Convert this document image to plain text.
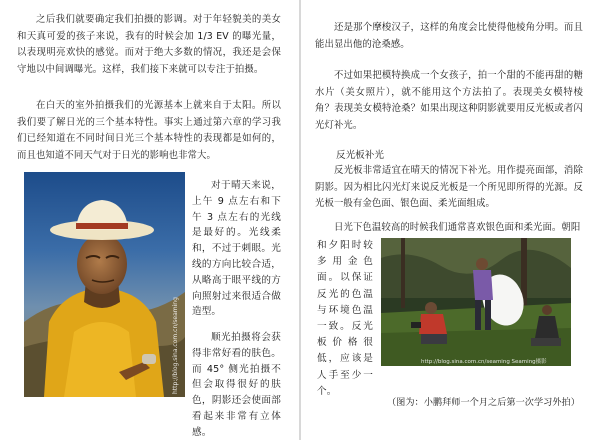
之后我们就要确定我们拍摄的影调。对于年轻貌美的美女和天真可爱的孩子来说，我有的时候会加 1/3 EV 的曝光量，以表现明亮欢快的感觉。而对于绝大多数的情况，我还是会保守地以中间调曝光。这样，我们接下来就可以专注于拍摄。

在白天的室外拍摄我们的光源基本上就来自于太阳。所以我们要了解日光的三个基本特性。事实上通过第六章的学习我们已经知道在不同时间日光三个基本特性的表现都是如何的，而且也知道不同天气对于日光的影响也非常大。

http://blog.sina.com.cn/seaming

对于晴天来说，上午 9 点左右和下午 3 点左右的光线是最好的。光线柔和，不过于刺眼。光线的方向比较合适，从略高于眼平线的方向照射过来很适合做造型。

顺光拍摄将会获得非常好看的肤色。而 45° 侧光拍摄不但会取得很好的肤色，阴影还会使面部看起来非常有立体感。

还是那个摩梭汉子，这样的角度会比使得他棱角分明。而且能出显出他的沧桑感。

不过如果把模特换成一个女孩子，拍一个甜的不能再甜的糖水片（美女照片），就不能用这个方法拍了。表现美女模特棱角？表现美女模特沧桑？如果出现这种阴影就要用反光板或者闪光灯补光。

反光板补光

反光板非常适宜在晴天的情况下补光。用作提亮面部，消除阴影。因为相比闪光灯来说反光板是一个所见即所得的光源。反光板一般有金色面、银色面、柔光面组成。

日光下色温较高的时候我们通常喜欢银色面和柔光面。朝阳

和夕阳时较多用金色面。以保证反光的色温与环境色温一致。反光板价格很低，应该是人手至少一个。

http://blog.sina.com.cn/seaming Seaming摄影

（图为：小鹏拜师一个月之后第一次学习外拍）
